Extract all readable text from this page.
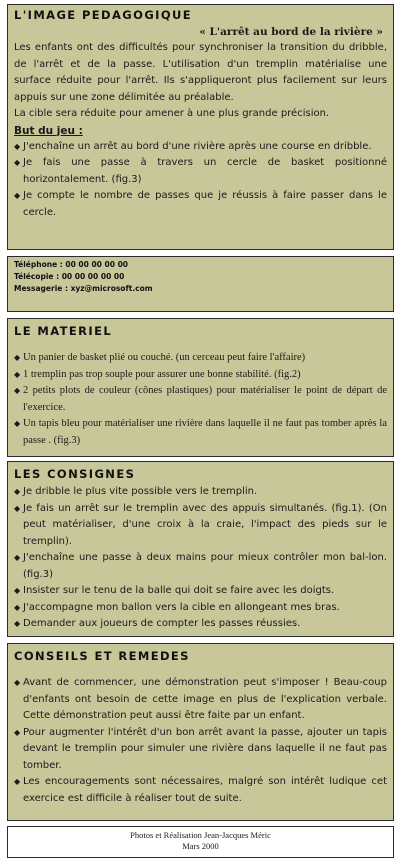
L'IMAGE PEDAGOGIQUE
« L'arrêt au bord de la rivière »

Les enfants ont des difficultés pour synchroniser la transition du dribble, de l'arrêt et de la passe. L'utilisation d'un tremplin matérialise une surface réduite pour l'arrêt. Ils s'appliqueront plus facilement sur leurs appuis sur une zone délimitée au préalable.

La cible sera réduite pour amener à une plus grande précision.

But du jeu :
◆ J'enchaîne un arrêt au bord d'une rivière après une course en dribble.
◆ Je fais une passe à travers un cercle de basket positionné horizontalement. (fig.3)
◆ Je compte le nombre de passes que je réussis à faire passer dans le cercle.
Téléphone : 00 00 00 00 00
Télécopie : 00 00 00 00 00
Messagerie : xyz@microsoft.com
LE MATERIEL
◆ Un panier de basket plié ou couché. (un cerceau peut faire l'affaire)
◆ 1 tremplin pas trop souple pour assurer une bonne stabilité. (fig.2)
◆ 2 petits plots de couleur (cônes plastiques) pour matérialiser le point de départ de l'exercice.
◆ Un tapis bleu pour matérialiser une rivière dans laquelle il ne faut pas tomber après la passe . (fig.3)
LES CONSIGNES
◆ Je dribble le plus vite possible vers le tremplin.
◆ Je fais un arrêt sur le tremplin avec des appuis simultanés. (fig.1). (On peut matérialiser, d'une croix à la craie, l'impact des pieds sur le tremplin).
◆ J'enchaîne une passe à deux mains pour mieux contrôler mon bal-lon. (fig.3)
◆ Insister sur le tenu de la balle qui doit se faire avec les doigts.
◆ J'accompagne mon ballon vers la cible en allongeant mes bras.
◆ Demander aux joueurs de compter les passes réussies.
CONSEILS ET REMEDES
◆ Avant de commencer, une démonstration peut s'imposer ! Beau-coup d'enfants ont besoin de cette image en plus de l'explication verbale. Cette démonstration peut aussi être faite par un enfant.
◆ Pour augmenter l'intérêt d'un bon arrêt avant la passe, ajouter un tapis devant le tremplin pour simuler une rivière dans laquelle il ne faut pas tomber.
◆ Les encouragements sont nécessaires, malgré son intérêt ludique cet exercice est difficile à réaliser tout de suite.
Photos et Réalisation Jean-Jacques Méric
Mars 2000
